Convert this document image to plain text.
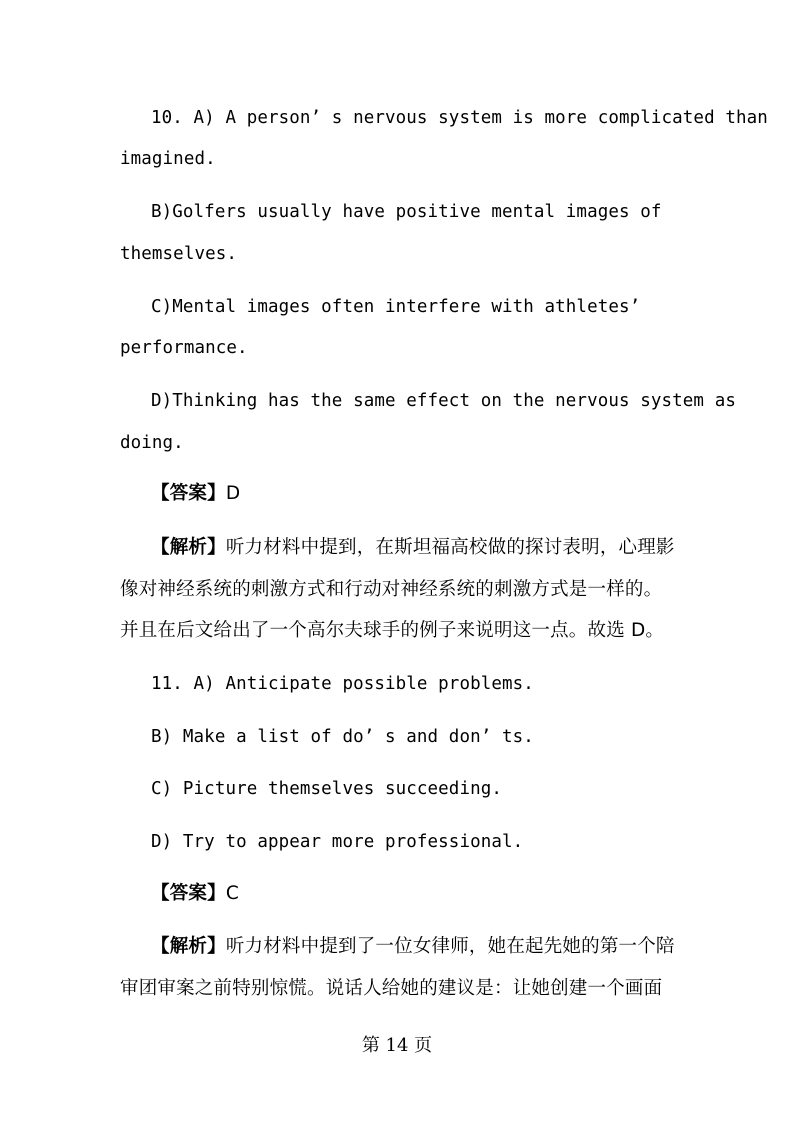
10. A) A person’ s nervous system is more complicated than
imagined.
B)Golfers usually have positive mental images of
themselves.
C)Mental images often interfere with athletes’
performance.
D)Thinking has the same effect on the nervous system as
doing.
【答案】D
【解析】听力材料中提到，在斯坦福高校做的探讨表明，心理影
像对神经系统的刺激方式和行动对神经系统的刺激方式是一样的。
并且在后文给出了一个高尔夫球手的例子来说明这一点。故选 D。
11. A) Anticipate possible problems.
B) Make a list of do’ s and don’ ts.
C) Picture themselves succeeding.
D) Try to appear more professional.
【答案】C
【解析】听力材料中提到了一位女律师，她在起先她的第一个陪
审团审案之前特别惊慌。说话人给她的建议是：让她创建一个画面
第 14 页
